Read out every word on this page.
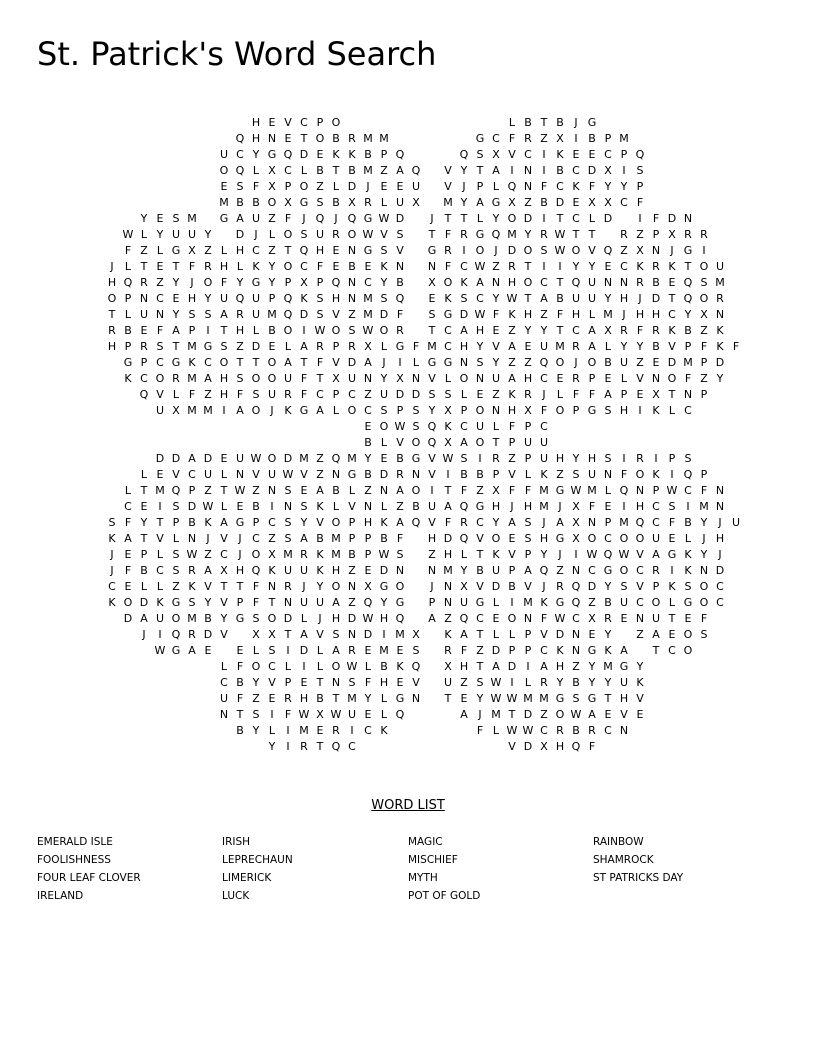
St. Patrick's Word Search
H E V C P O	L B T B J G
Q H N E T O B R M M	G C F R Z X I B P M
U C Y G Q D E K K B P Q	Q S X V C I K E E C P Q
O Q L X C L B T B M Z A Q	V Y T A I N I B C D X I S
E S F X P O Z L D J E E U	V J	P L Q N F C K F Y Y P
M B B O X G S B X R L U X	M Y A G X Z B D E X X C F
Y E S M	G A U Z F	J Q J Q G W D	J	T T L Y O D I	T C L D	I	F D N
W L Y U U Y	D J	L O S U R O W V S	T F R G Q M Y R W T T	R Z P X R R
F Z L G X Z L H C Z T Q H E N G S V	G R I O J D O S W O V Q Z X N J G I
J	L T E T F R H L K Y O C F E B E K N	N F C W Z R T	I	I	Y Y E C K R K T O U
H Q R Z Y	J O F Y G Y P X P Q N C Y B	X O K A N H O C T Q U N N R B E Q S M
O P N C E H Y U Q U P Q K S H N M S Q	E K S C Y W T A B U U Y H J D T Q O R
T L U N Y S S A R U M Q D S V Z M D F	S G D W F K H Z F H L M J H H C Y X N
R B E F A P	I	T H L B O I W O S W O R	T C A H E Z Y Y T C A X R F R K B Z K
H P R S T M G S Z D E L A R P R X L G F M C H Y V A E U M R A L Y Y B V P F K F
G P C G K C O T T O A T F V D A J	I	L G G N S Y Z Z Q O J O B U Z E D M P D
K C O R M A H S O O U F T X U N Y X N V L O N U A H C E R P E L V N O F Z Y
Q V L F Z H F S U R F C P C Z U D D S S L E Z K R J	L F F A P E X T N P
U X M M I A O J K G A L O C S P S Y X P O N H X F O P G S H I K L C
E O W S Q K C U L F P C
B L V O Q X A O T P U U
D D A D E U W O D M Z Q M Y E B G V W S I R Z P U H Y H S I R I	P S
L E V C U L N V U W V Z N G B D R N V I B B P V L K Z S U N F O K I Q P
L T M Q P Z T W Z N S E A B L Z N A O I	T F Z X F F M G W M L Q N P W C F N
C E I S D W L E B I N S K L V N L Z B U A Q G H J H M J X F E I H C S I M N
S F Y T P B K A G P C S Y V O P H K A Q V F R C Y A S J A X N P M Q C F B Y	J U
K A T V L N J V J C Z S A B M P P B F	H D Q V O E S H G X O C O O U E L	J H
J E P L S W Z C J O X M R K M B P W S	Z H L T K V P Y	J	I W Q W V A G K Y	J
J	F B C S R A X H Q K U U K H Z E D N	N M Y B U P A Q Z N C G O C R I K N D
C E L L Z K V T T F N R J	Y O N X G O	J N X V D B V J R Q D Y S V P K S O C
K O D K G S Y V P F T N U U A Z Q Y G	P N U G L	I M K G Q Z B U C O L G O C
D A U O M B Y G S O D L	J H D W H Q	A Z Q C E O N F W C X R E N U T E F
J	I Q R D V	X X T A V S N D I M X	K A T L L P V D N E Y	Z A E O S
W G A E	E L S I D L A R E M E S	R F Z D P P C K N G K A	T C O
L F O C L	I	L O W L B K Q	X H T A D I A H Z Y M G Y
C B Y V P E T N S F H E V	U Z S W I	L R Y B Y Y U K
U F Z E R H B T M Y L G N	T E Y W W M M G S G T H V
N T S I	F W X W U E L Q	A J M T D Z O W A E V E
B Y L	I M E R I C K	F L W W C R B R C N
Y	I R T Q C	V D X H Q F
WORD LIST
EMERALD ISLE
FOOLISHNESS
FOUR LEAF CLOVER
IRELAND
IRISH
LEPRECHAUN
LIMERICK
LUCK
MAGIC
MISCHIEF
MYTH
POT OF GOLD
RAINBOW
SHAMROCK
ST PATRICKS DAY
